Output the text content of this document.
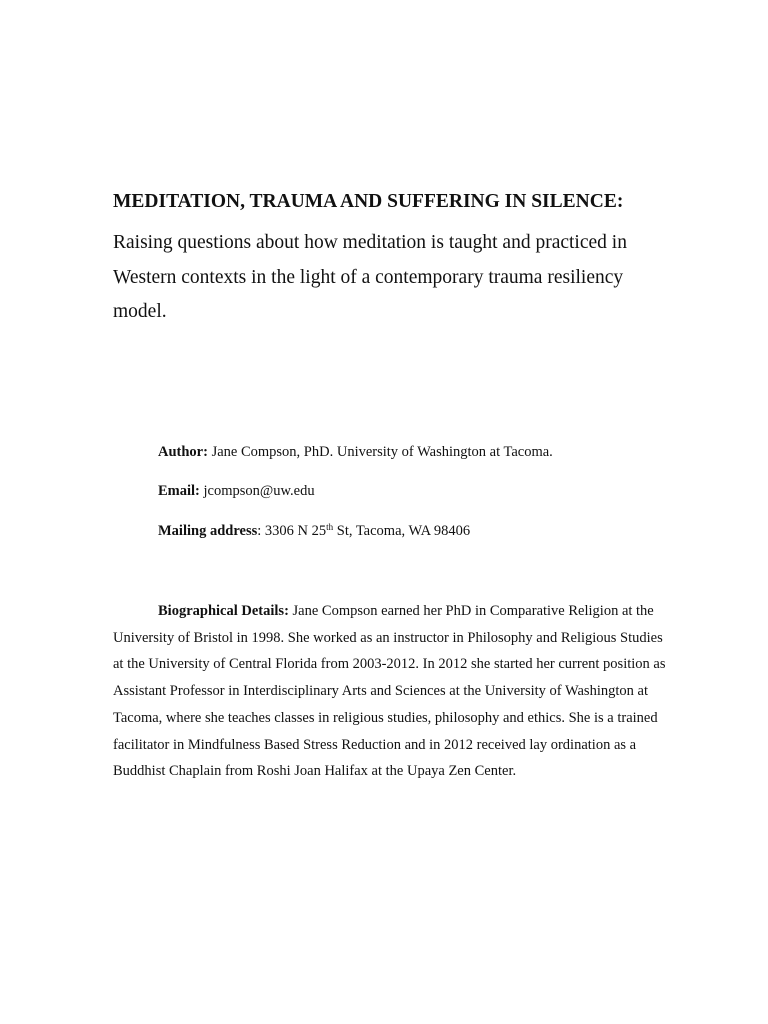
MEDITATION, TRAUMA AND SUFFERING IN SILENCE:

Raising questions about how meditation is taught and practiced in Western contexts in the light of a contemporary trauma resiliency model.

Author: Jane Compson, PhD. University of Washington at Tacoma.
Email: jcompson@uw.edu
Mailing address: 3306 N 25th St, Tacoma, WA 98406

Biographical Details: Jane Compson earned her PhD in Comparative Religion at the University of Bristol in 1998. She worked as an instructor in Philosophy and Religious Studies at the University of Central Florida from 2003-2012. In 2012 she started her current position as Assistant Professor in Interdisciplinary Arts and Sciences at the University of Washington at Tacoma, where she teaches classes in religious studies, philosophy and ethics. She is a trained facilitator in Mindfulness Based Stress Reduction and in 2012 received lay ordination as a Buddhist Chaplain from Roshi Joan Halifax at the Upaya Zen Center.
